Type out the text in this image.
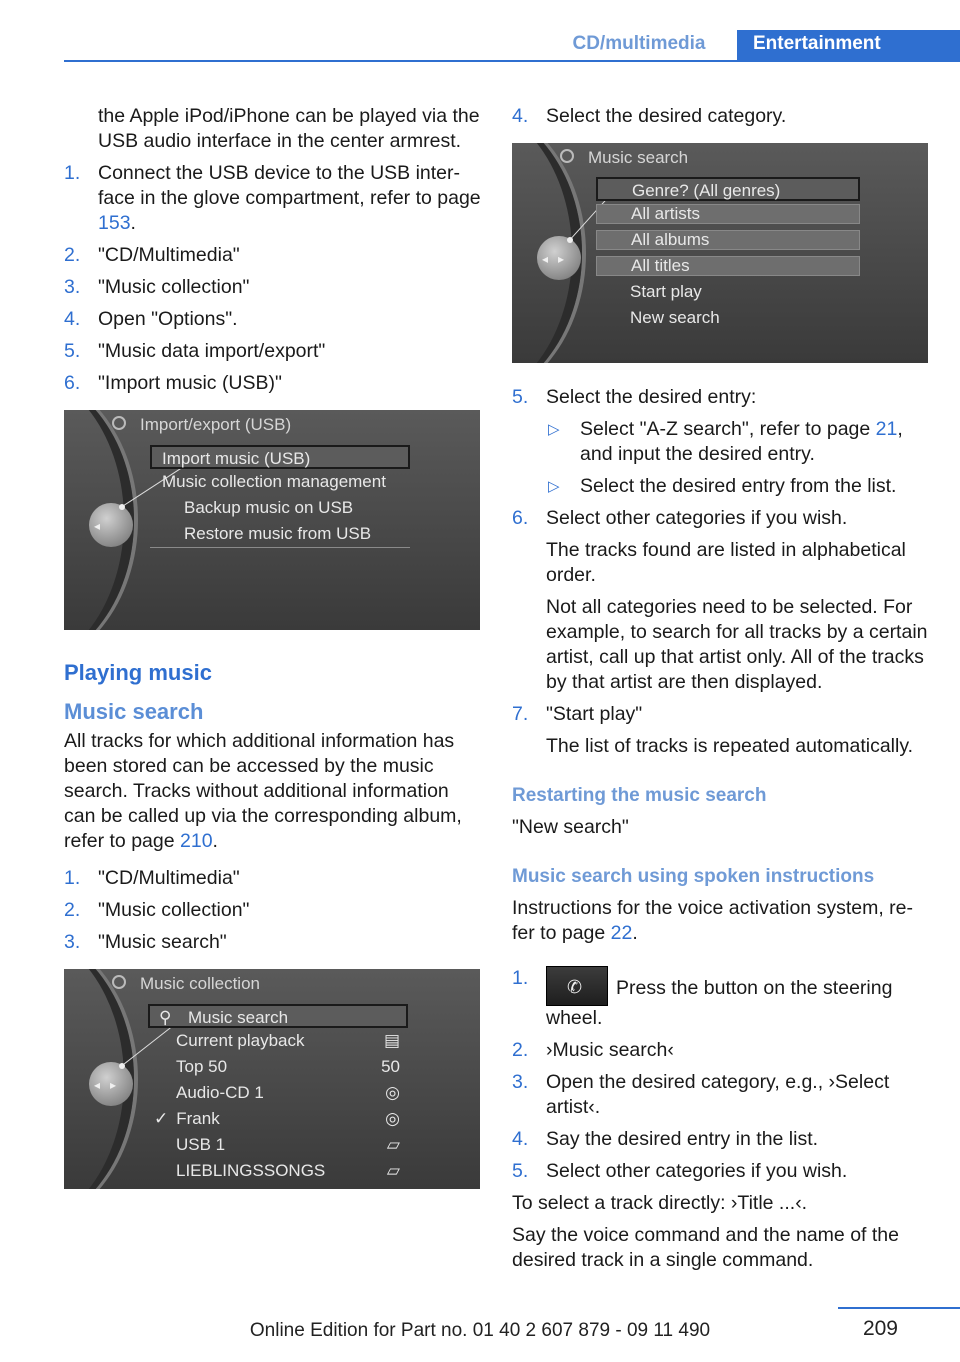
CD/multimedia	Entertainment

the Apple iPod/iPhone can be played via the USB audio interface in the center armrest.

1. Connect the USB device to the USB inter‐face in the glove compartment, refer to page 153.
2. "CD/Multimedia"
3. "Music collection"
4. Open "Options".
5. "Music data import/export"
6. "Import music (USB)"
◂
Import/export (USB)
Import music (USB)
Music collection management
Backup music on USB
Restore music from USB
Playing music
Music search

All tracks for which additional information has been stored can be accessed by the music search. Tracks without additional information can be called up via the corresponding album, refer to page 210.

1. "CD/Multimedia"
2. "Music collection"
3. "Music search"
◂▸
Music collection
⚲ Music search
Current playback	▤
Top 50	50
Audio-CD 1	◎
✓ Frank	◎
USB 1	▱
LIEBLINGSSONGS	▱
4. Select the desired category.
◂▸
Music search
Genre? (All genres)
All artists
All albums
All titles
Start play
New search
5. Select the desired entry:
▷ Select "A-Z search", refer to page 21, and input the desired entry.
▷ Select the desired entry from the list.
6. Select other categories if you wish.

The tracks found are listed in alphabetical order.

Not all categories need to be selected. For example, to search for all tracks by a certain artist, call up that artist only. All of the tracks by that artist are then displayed.

7. "Start play"

The list of tracks is repeated automatically.

Restarting the music search

"New search"

Music search using spoken instructions

Instructions for the voice activation system, re‐fer to page 22.

1. ✆ Press the button on the steering wheel.
2. ›Music search‹
3. Open the desired category, e.g., ›Select artist‹.
4. Say the desired entry in the list.
5. Select other categories if you wish.

To select a track directly: ›Title ...‹.

Say the voice command and the name of the desired track in a single command.

209
Online Edition for Part no. 01 40 2 607 879 - 09 11 490
